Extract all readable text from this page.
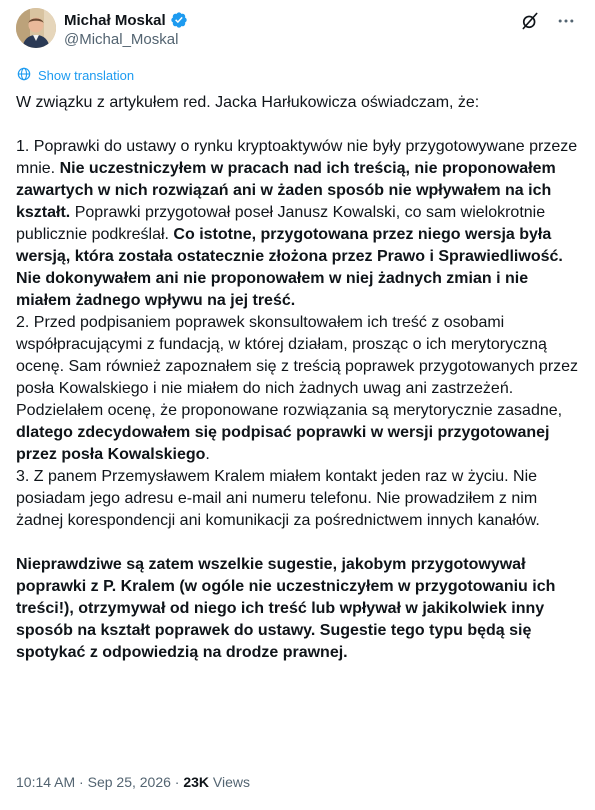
Michał Moskal
@Michal_Moskal
Show translation

W związku z artykułem red. Jacka Harłukowicza oświadczam, że:

1. Poprawki do ustawy o rynku kryptoaktywów nie były przygotowywane przeze mnie. Nie uczestniczyłem w pracach nad ich treścią, nie proponowałem zawartych w nich rozwiązań ani w żaden sposób nie wpływałem na ich kształt. Poprawki przygotował poseł Janusz Kowalski, co sam wielokrotnie publicznie podkreślał. Co istotne, przygotowana przez niego wersja była wersją, która została ostatecznie złożona przez Prawo i Sprawiedliwość. Nie dokonywałem ani nie proponowałem w niej żadnych zmian i nie miałem żadnego wpływu na jej treść.

2. Przed podpisaniem poprawek skonsultowałem ich treść z osobami współpracującymi z fundacją, w której działam, prosząc o ich merytoryczną ocenę. Sam również zapoznałem się z treścią poprawek przygotowanych przez posła Kowalskiego i nie miałem do nich żadnych uwag ani zastrzeżeń. Podzielałem ocenę, że proponowane rozwiązania są merytorycznie zasadne, dlatego zdecydowałem się podpisać poprawki w wersji przygotowanej przez posła Kowalskiego.

3. Z panem Przemysławem Kralem miałem kontakt jeden raz w życiu. Nie posiadam jego adresu e-mail ani numeru telefonu. Nie prowadziłem z nim żadnej korespondencji ani komunikacji za pośrednictwem innych kanałów.

Nieprawdziwe są zatem wszelkie sugestie, jakobym przygotowywał poprawki z P. Kralem (w ogóle nie uczestniczyłem w przygotowaniu ich treści!), otrzymywał od niego ich treść lub wpływał w jakikolwiek inny sposób na kształt poprawek do ustawy. Sugestie tego typu będą się spotykać z odpowiedzią na drodze prawnej.

10:14 AM · Sep 25, 2026 · 23K Views
